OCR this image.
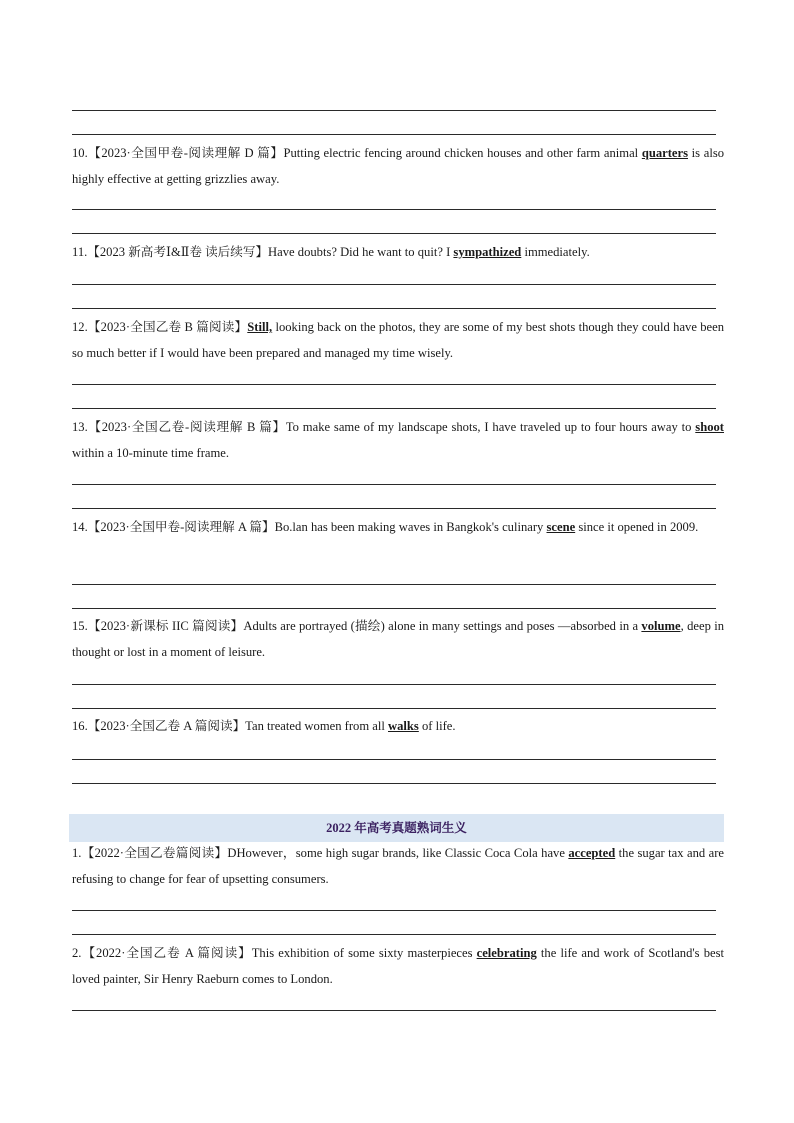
10.【2023·全国甲卷-阅读理解 D 篇】Putting electric fencing around chicken houses and other farm animal quarters is also highly effective at getting grizzlies away.
11.【2023 新高考Ⅰ&Ⅱ卷 读后续写】Have doubts? Did he want to quit? I sympathized immediately.
12.【2023·全国乙卷 B 篇阅读】Still, looking back on the photos, they are some of my best shots though they could have been so much better if I would have been prepared and managed my time wisely.
13.【2023·全国乙卷-阅读理解 B 篇】To make same of my landscape shots, I have traveled up to four hours away to shoot within a 10-minute time frame.
14.【2023·全国甲卷-阅读理解 A 篇】Bo.lan has been making waves in Bangkok's culinary scene since it opened in 2009.
15.【2023·新课标 IIC 篇阅读】Adults are portrayed (描绘) alone in many settings and poses —absorbed in a volume, deep in thought or lost in a moment of leisure.
16.【2023·全国乙卷 A 篇阅读】Tan treated women from all walks of life.
2022 年高考真题熟词生义
1.【2022·全国乙卷篇阅读】DHowever，some high sugar brands, like Classic Coca Cola have accepted the sugar tax and are refusing to change for fear of upsetting consumers.
2.【2022·全国乙卷 A 篇阅读】This exhibition of some sixty masterpieces celebrating the life and work of Scotland's best loved painter, Sir Henry Raeburn comes to London.
